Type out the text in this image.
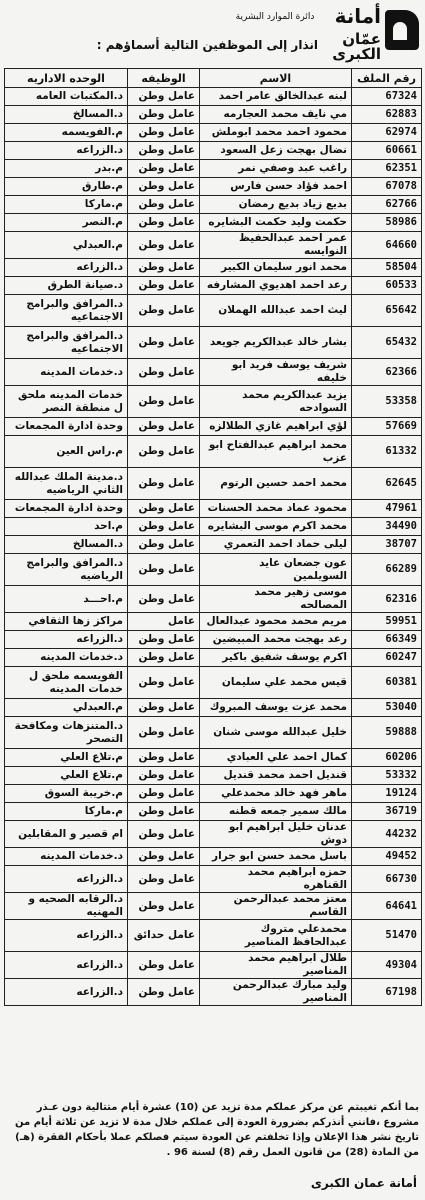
أمانة
عمّان الكبرى
دائرة الموارد البشرية
انذار إلى الموظفين التالية أسماؤهم :
رقم الملف	الاسم	الوظيفه	الوحده الاداريه
67324	لبنه عبدالخالق عامر احمد	عامل وطن	د.المكتبات العامه
62883	مي نايف محمد العجارمه	عامل وطن	د.المسالخ
62974	محمود احمد محمد ابوملش	عامل وطن	م.الفويسمه
60661	نضال بهجت زعل السعود	عامل وطن	د.الزراعه
62351	راغب عبد وصفي نمر	عامل وطن	م.بدر
67078	احمد فؤاد حسن فارس	عامل وطن	م.طارق
62766	بديع زياد بديع رمضان	عامل وطن	م.ماركا
58986	حكمت وليد حكمت البشايره	عامل وطن	م.النصر
64660	عمر احمد عبدالحفيظ النوايسه	عامل وطن	م.العبدلي
58504	محمد انور سليمان الكبير	عامل وطن	د.الزراعه
60533	رعد احمد اهديوي المشارفه	عامل وطن	د.صيانة الطرق
65642	ليث احمد عبدالله الهملان	عامل وطن	د.المرافق والبرامج الاجتماعيه
65432	بشار خالد عبدالكريم جويعد	عامل وطن	د.المرافق والبرامج الاجتماعيه
62366	شريف يوسف فريد ابو خليفه	عامل وطن	د.خدمات المدينه
53358	يزيد عبدالكريم محمد السوادحه	عامل وطن	خدمات المدينه ملحق ل منطقة النصر
57669	لؤي ابراهيم غازي الطلالزه	عامل وطن	وحدة ادارة المجمعات
61332	محمد ابراهيم عبدالفتاح ابو عزب	عامل وطن	م.راس العين
62645	محمد احمد حسين الرتوم	عامل وطن	د.مدينة الملك عبدالله الثاني الرياضيه
47961	محمود عماد محمد الحسنات	عامل وطن	وحدة ادارة المجمعات
34490	محمد اكرم موسى البشايره	عامل وطن	م.احد
38707	ليلى حماد احمد التعمري	عامل وطن	د.المسالخ
66289	عون جضعان عايد السويلمين	عامل وطن	د.المرافق والبرامج الرياضيه
62316	موسى زهير محمد المصالحه	عامل وطن	م.احـــد
59951	مريم محمد محمود عبدالعال	عامل	مراكز زها الثقافي
66349	رعد بهجت محمد المبيضين	عامل وطن	د.الزراعه
60247	اكرم يوسف شفيق باكير	عامل وطن	د.خدمات المدينه
60381	قيس محمد علي سليمان	عامل وطن	الفويسمه ملحق ل خدمات المدينه
53040	محمد عزت يوسف المبروك	عامل وطن	م.العبدلي
59888	خليل عبدالله موسى شنان	عامل وطن	د.المتنزهات ومكافحة التصحر
60206	كمال احمد علي العبادي	عامل وطن	م.تلاع العلي
53332	قنديل احمد محمد قنديل	عامل وطن	م.تلاع العلي
19124	ماهر فهد خالد محمدعلي	عامل وطن	م.خريبة السوق
36719	مالك سمير جمعه قطنه	عامل وطن	م.ماركا
44232	عدنان خليل ابراهيم ابو دوش	عامل وطن	ام قصير و المقابلين
49452	باسل محمد حسن ابو جرار	عامل وطن	د.خدمات المدينه
66730	حمزه ابراهيم محمد القناهره	عامل وطن	د.الزراعه
64641	معتز محمد عبدالرحمن القاسم	عامل وطن	د.الرقابه الصحيه و المهنيه
51470	محمدعلي متروك عبدالحافظ المناصير	عامل حدائق	د.الزراعه
49304	طلال ابراهيم محمد المناصير	عامل وطن	د.الزراعه
67198	وليد مبارك عبدالرحمن المناصير	عامل وطن	د.الزراعه
بما أنكم تغيبتم عن مركز عملكم مدة تزيد عن (10) عشرة أيام متتالية دون عـذر مشروع ،فانني أنذركم بضرورة العودة إلى عملكم خلال مدة لا تزيد عن ثلاثة أيام من تاريخ نشر هذا الإعلان وإذا تخلفتم عن العودة سيتم فصلكم عملا بأحكام الفقرة (هـ) من المادة (28) من قانون العمل رقم (8) لسنة 96 .
أمانة عمان الكبرى
